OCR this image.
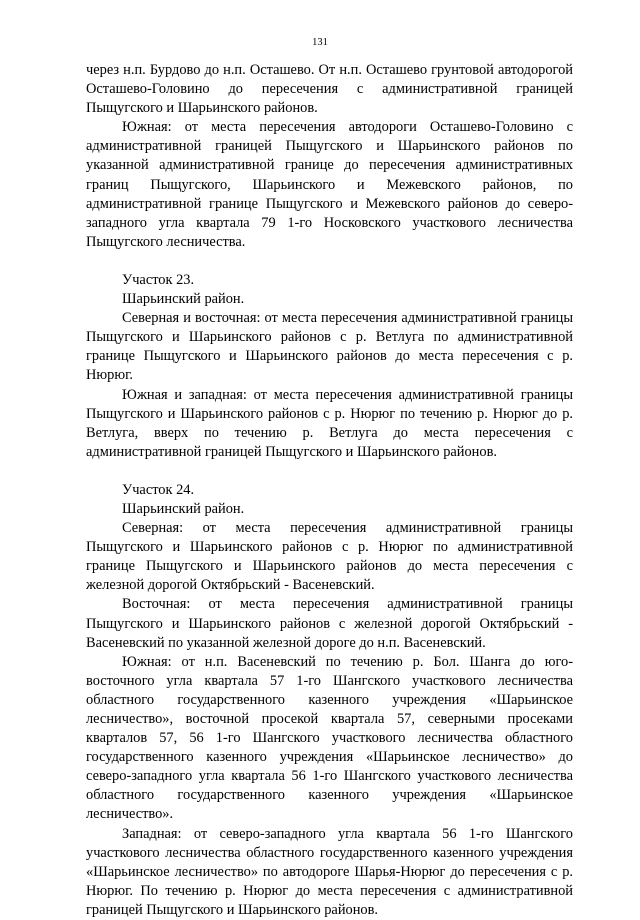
131

через н.п. Бурдово до н.п. Осташево. От н.п. Осташево грунтовой автодорогой Осташево-Головино до пересечения с административной границей Пыщугского и Шарьинского районов.

Южная: от места пересечения автодороги Осташево-Головино с административной границей Пыщугского и Шарьинского районов по указанной административной границе до пересечения административных границ Пыщугского, Шарьинского и Межевского районов, по административной границе Пыщугского и Межевского районов до северо-западного угла квартала 79 1-го Носковского участкового лесничества Пыщугского лесничества.

Участок 23.

Шарьинский район.

Северная и восточная: от места пересечения административной границы Пыщугского и Шарьинского районов с р. Ветлуга по административной границе Пыщугского и Шарьинского районов до места пересечения с р. Нюрюг.

Южная и западная: от места пересечения административной границы Пыщугского и Шарьинского районов с р. Нюрюг по течению р. Нюрюг до р. Ветлуга, вверх по течению р. Ветлуга до места пересечения с административной границей Пыщугского и Шарьинского районов.

Участок 24.

Шарьинский район.

Северная: от места пересечения административной границы Пыщугского и Шарьинского районов с р. Нюрюг по административной границе Пыщугского и Шарьинского районов до места пересечения с железной дорогой Октябрьский - Васеневский.

Восточная: от места пересечения административной границы Пыщугского и Шарьинского районов с железной дорогой Октябрьский - Васеневский по указанной железной дороге до н.п. Васеневский.

Южная: от н.п. Васеневский по течению р. Бол. Шанга до юго-восточного угла квартала 57 1-го Шангского участкового лесничества областного государственного казенного учреждения «Шарьинское лесничество», восточной просекой квартала 57, северными просеками кварталов 57, 56 1-го Шангского участкового лесничества областного государственного казенного учреждения «Шарьинское лесничество» до северо-западного угла квартала 56 1-го Шангского участкового лесничества областного государственного казенного учреждения «Шарьинское лесничество».

Западная: от северо-западного угла квартала 56 1-го Шангского участкового лесничества областного государственного казенного учреждения «Шарьинское лесничество» по автодороге Шарья-Нюрюг до пересечения с р. Нюрюг. По течению р. Нюрюг до места пересечения с административной границей Пыщугского и Шарьинского районов.
